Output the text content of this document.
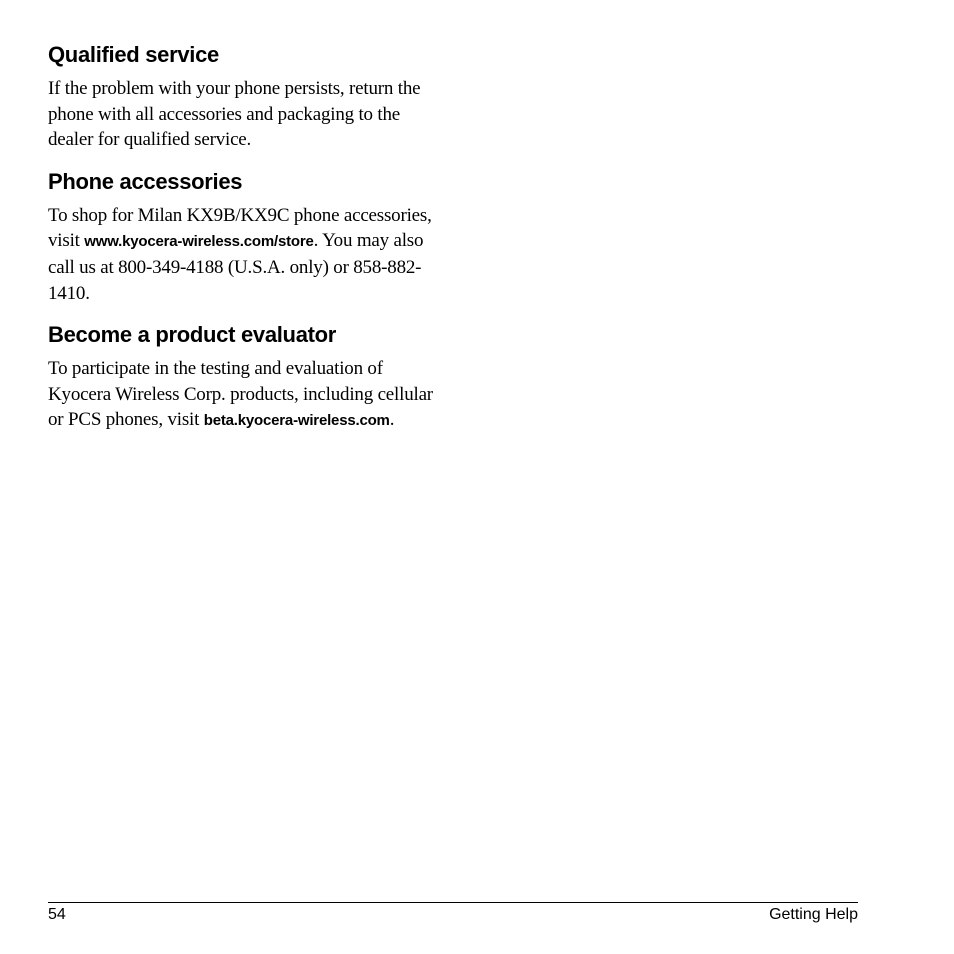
Qualified service

If the problem with your phone persists, return the phone with all accessories and packaging to the dealer for qualified service.

Phone accessories

To shop for Milan KX9B/KX9C phone accessories, visit www.kyocera-wireless.com/store. You may also call us at 800-349-4188 (U.S.A. only) or 858-882-1410.

Become a product evaluator

To participate in the testing and evaluation of Kyocera Wireless Corp. products, including cellular or PCS phones, visit beta.kyocera-wireless.com.

54	Getting Help
